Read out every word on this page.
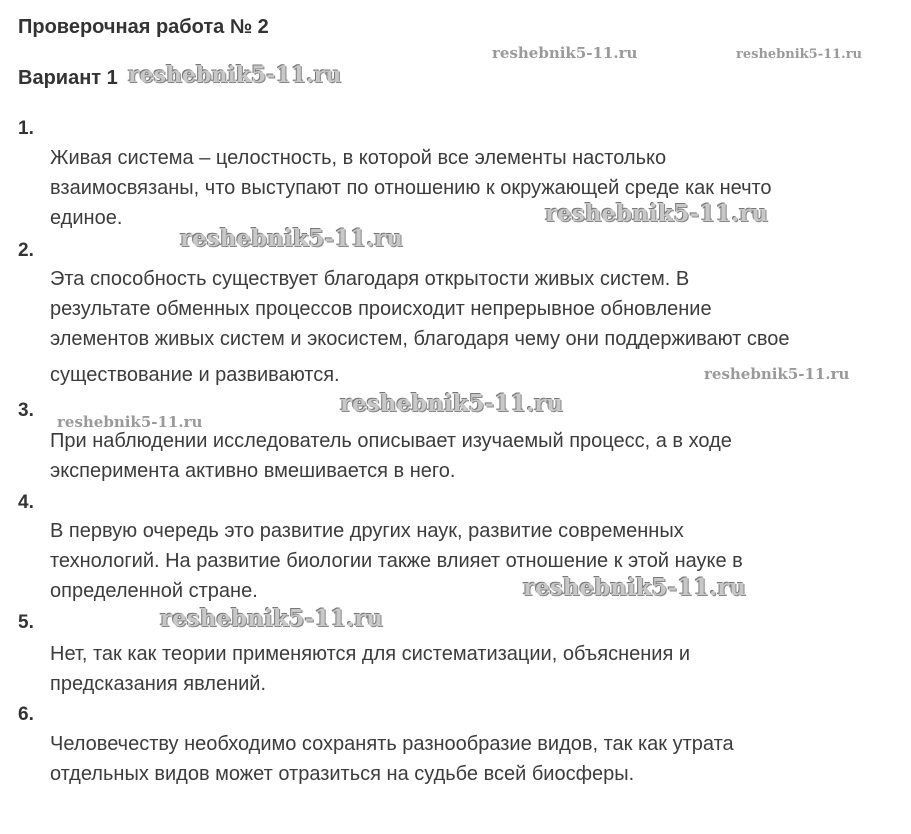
Проверочная работа № 2
Вариант 1
1.
Живая система – целостность, в которой все элементы настолько
взаимосвязаны, что выступают по отношению к окружающей среде как нечто
единое.
2.
Эта способность существует благодаря открытости живых систем. В
результате обменных процессов происходит непрерывное обновление
элементов живых систем и экосистем, благодаря чему они поддерживают свое
существование и развиваются.
3.
При наблюдении исследователь описывает изучаемый процесс, а в ходе
эксперимента активно вмешивается в него.
4.
В первую очередь это развитие других наук, развитие современных
технологий. На развитие биологии также влияет отношение к этой науке в
определенной стране.
5.
Нет, так как теории применяются для систематизации, объяснения и
предсказания явлений.
6.
Человечеству необходимо сохранять разнообразие видов, так как утрата
отдельных видов может отразиться на судьбе всей биосферы.
reshebnik5-11.ru	reshebnik5-11.ru
reshebnik5-11.ru
reshebnik5-11.ru
reshebnik5-11.ru
reshebnik5-11.ru
reshebnik5-11.ru
reshebnik5-11.ru
reshebnik5-11.ru
reshebnik5-11.ru
